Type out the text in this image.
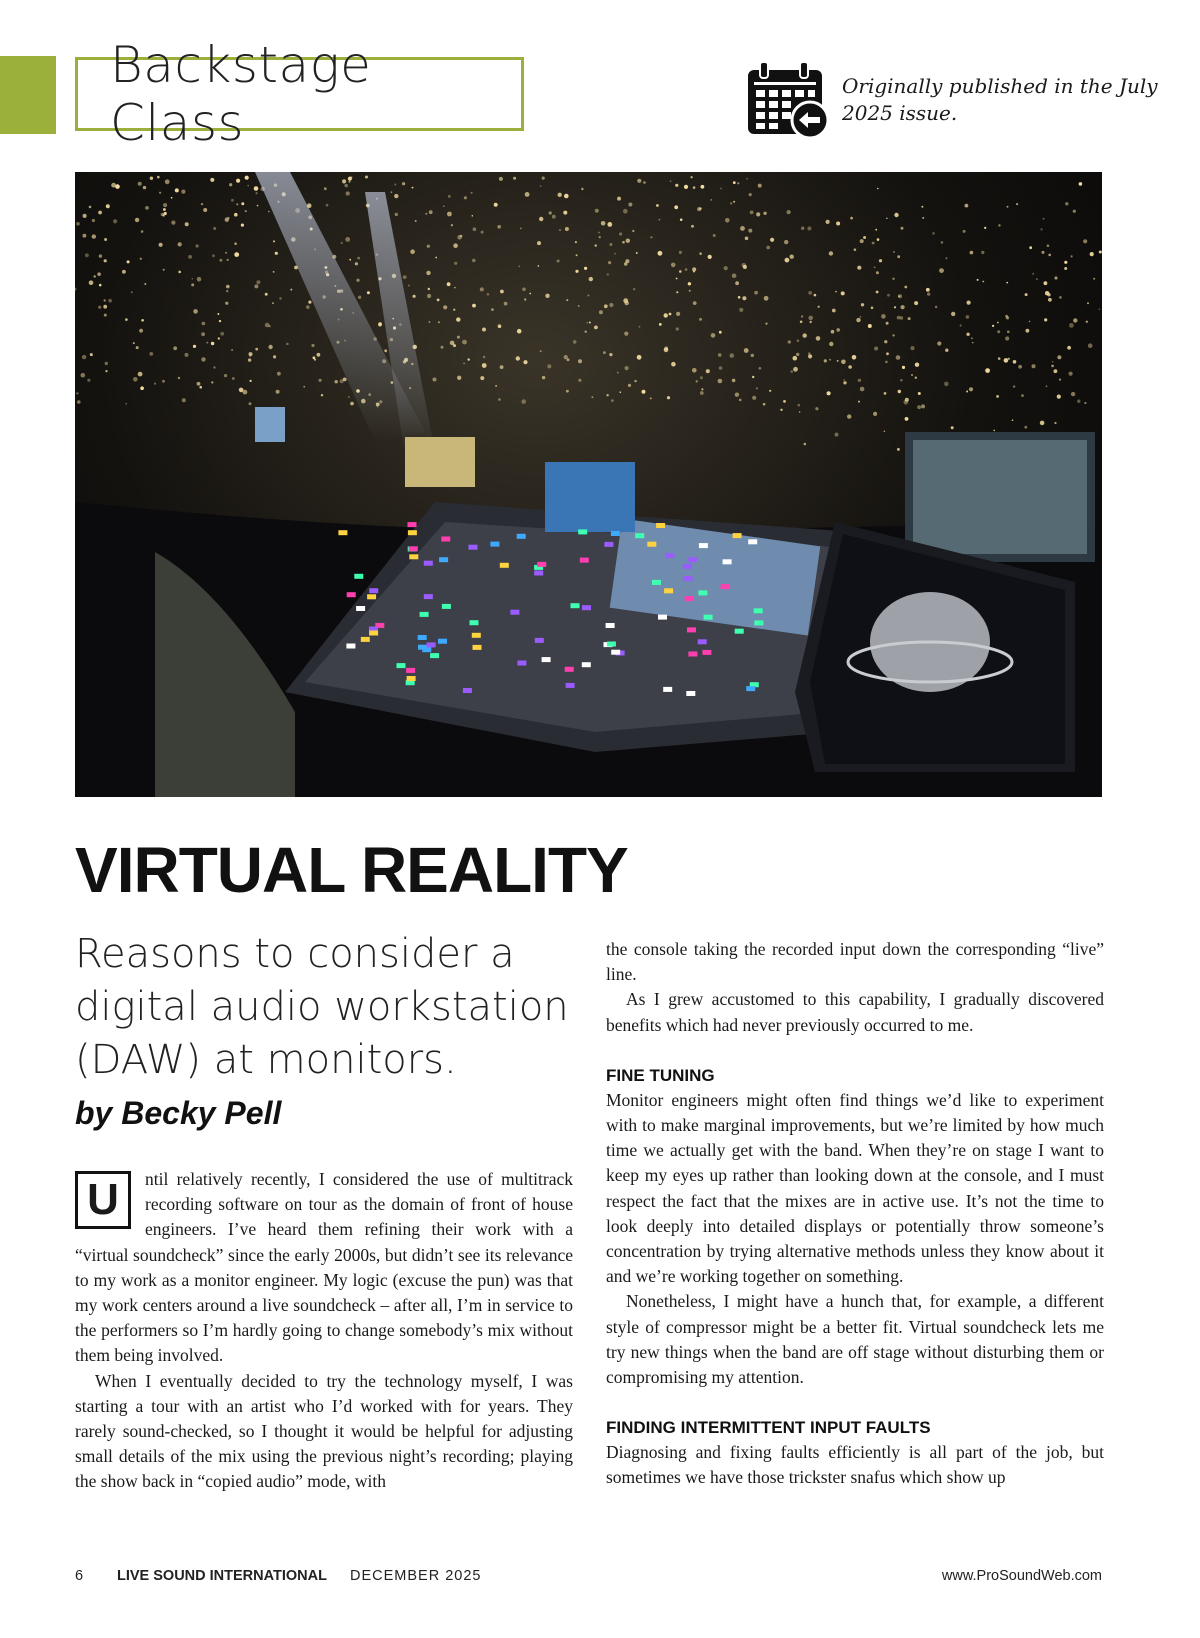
Backstage Class
Originally published in the July 2025 issue.
VIRTUAL REALITY
Reasons to consider a digital audio workstation (DAW) at monitors.
by Becky Pell

U	ntil relatively recently, I considered the use of multitrack recording software on tour as the domain of front of house engineers. I’ve heard them refining their work with a “virtual soundcheck” since the early 2000s, but didn’t see its relevance to my work as a monitor engineer. My logic (excuse the pun) was that my work centers around a live soundcheck – after all, I’m in service to the performers so I’m hardly going to change somebody’s mix without them being involved.

When I eventually decided to try the technology myself, I was starting a tour with an artist who I’d worked with for years. They rarely sound-checked, so I thought it would be helpful for adjusting small details of the mix using the previous night’s recording; playing the show back in “copied audio” mode, with

the console taking the recorded input down the corresponding “live” line.

As I grew accustomed to this capability, I gradually discovered benefits which had never previously occurred to me.

FINE TUNING

Monitor engineers might often find things we’d like to experiment with to make marginal improvements, but we’re limited by how much time we actually get with the band. When they’re on stage I want to keep my eyes up rather than looking down at the console, and I must respect the fact that the mixes are in active use. It’s not the time to look deeply into detailed displays or potentially throw someone’s concentration by trying alternative methods unless they know about it and we’re working together on something.

Nonetheless, I might have a hunch that, for example, a different style of compressor might be a better fit. Virtual soundcheck lets me try new things when the band are off stage without disturbing them or compromising my attention.

FINDING INTERMITTENT INPUT FAULTS

Diagnosing and fixing faults efficiently is all part of the job, but sometimes we have those trickster snafus which show up

6 LIVE SOUND INTERNATIONAL DECEMBER 2025	www.ProSoundWeb.com
